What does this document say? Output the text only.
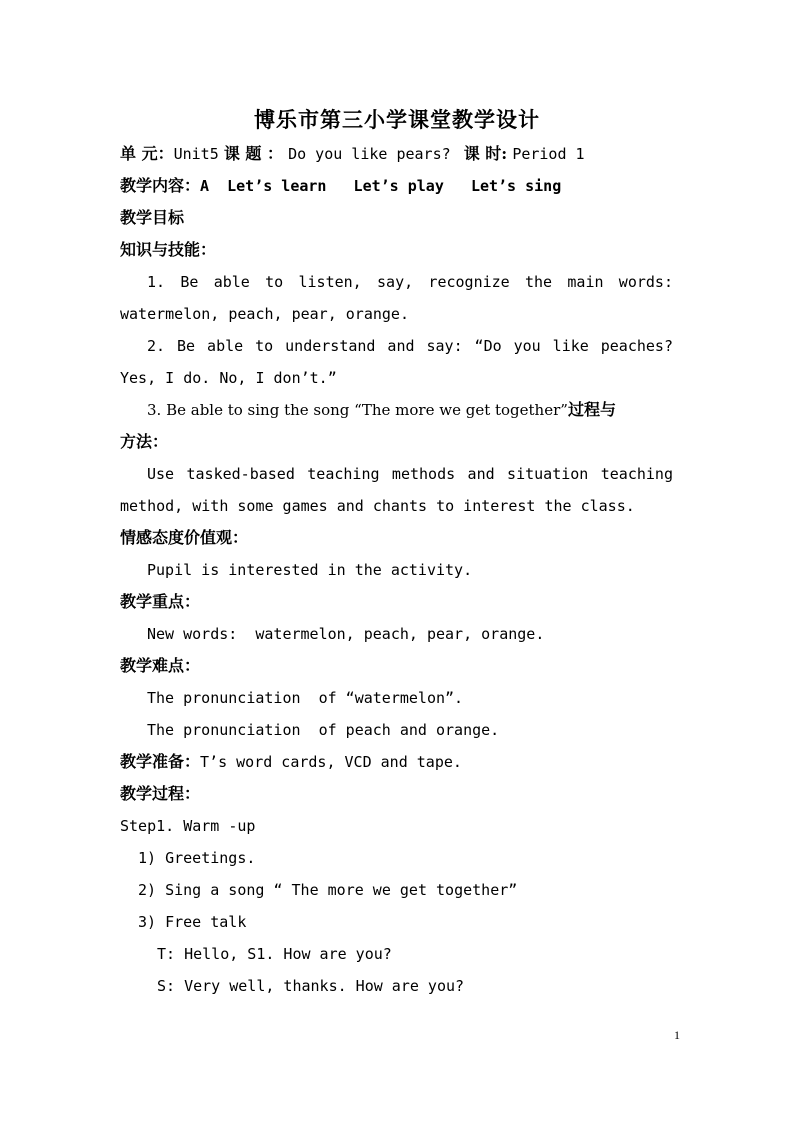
博乐市第三小学课堂教学设计
单 元：Unit5 课 题 ： Do you like pears? 课 时: Period 1
教学内容：A  Let’s learn   Let’s play   Let’s sing
教学目标
知识与技能：
1. Be able to listen, say, recognize the main words:
watermelon, peach, pear, orange.
2. Be able to understand and say: “Do you like peaches?
Yes, I do. No, I don’t.”
3. Be able to sing the song “The more we get together”过程与
方法：
Use tasked-based teaching methods and situation teaching
method, with some games and chants to interest the class.
情感态度价值观：
Pupil is interested in the activity.
教学重点：
New words:  watermelon, peach, pear, orange.
教学难点：
The pronunciation  of “watermelon”.
The pronunciation  of peach and orange.
教学准备：T’s word cards, VCD and tape.
教学过程：
Step1. Warm -up
1) Greetings.
2) Sing a song “ The more we get together”
3) Free talk
T: Hello, S1. How are you?
S: Very well, thanks. How are you?
1
